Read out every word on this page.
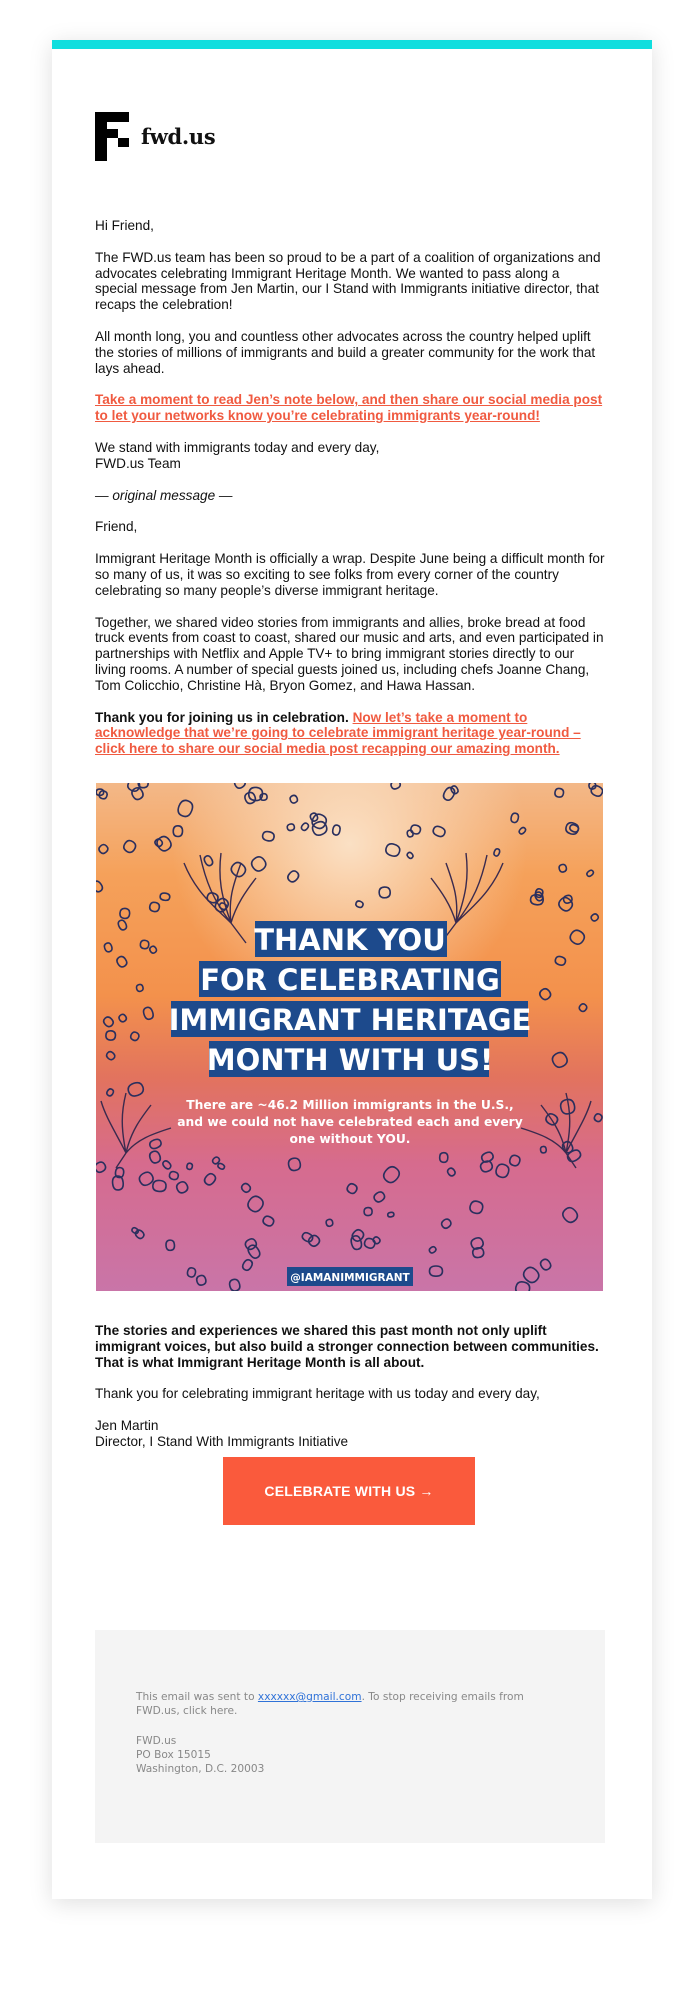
fwd.us

Hi Friend,

The FWD.us team has been so proud to be a part of a coalition of organizations and advocates celebrating Immigrant Heritage Month. We wanted to pass along a special message from Jen Martin, our I Stand with Immigrants initiative director, that recaps the celebration!

All month long, you and countless other advocates across the country helped uplift the stories of millions of immigrants and build a greater community for the work that lays ahead.

Take a moment to read Jen’s note below, and then share our social media post to let your networks know you’re celebrating immigrants year-round!

We stand with immigrants today and every day,
FWD.us Team

— original message —

Friend,

Immigrant Heritage Month is officially a wrap. Despite June being a difficult month for so many of us, it was so exciting to see folks from every corner of the country celebrating so many people’s diverse immigrant heritage.

Together, we shared video stories from immigrants and allies, broke bread at food truck events from coast to coast, shared our music and arts, and even participated in partnerships with Netflix and Apple TV+ to bring immigrant stories directly to our living rooms. A number of special guests joined us, including chefs Joanne Chang, Tom Colicchio, Christine Hà, Bryon Gomez, and Hawa Hassan.

Thank you for joining us in celebration. Now let’s take a moment to acknowledge that we’re going to celebrate immigrant heritage year-round – click here to share our social media post recapping our amazing month.

The stories and experiences we shared this past month not only uplift immigrant voices, but also build a stronger connection between communities. That is what Immigrant Heritage Month is all about.

Thank you for celebrating immigrant heritage with us today and every day,

Jen Martin
Director, I Stand With Immigrants Initiative

CELEBRATE WITH US →

This email was sent to xxxxxx@gmail.com. To stop receiving emails from FWD.us, click here.

FWD.us
PO Box 15015
Washington, D.C. 20003

THANK YOU
FOR CELEBRATING
IMMIGRANT HERITAGE
MONTH WITH US!
There are ~46.2 Million immigrants in the U.S.,
and we could not have celebrated each and every
one without YOU.
@IAMANIMMIGRANT
